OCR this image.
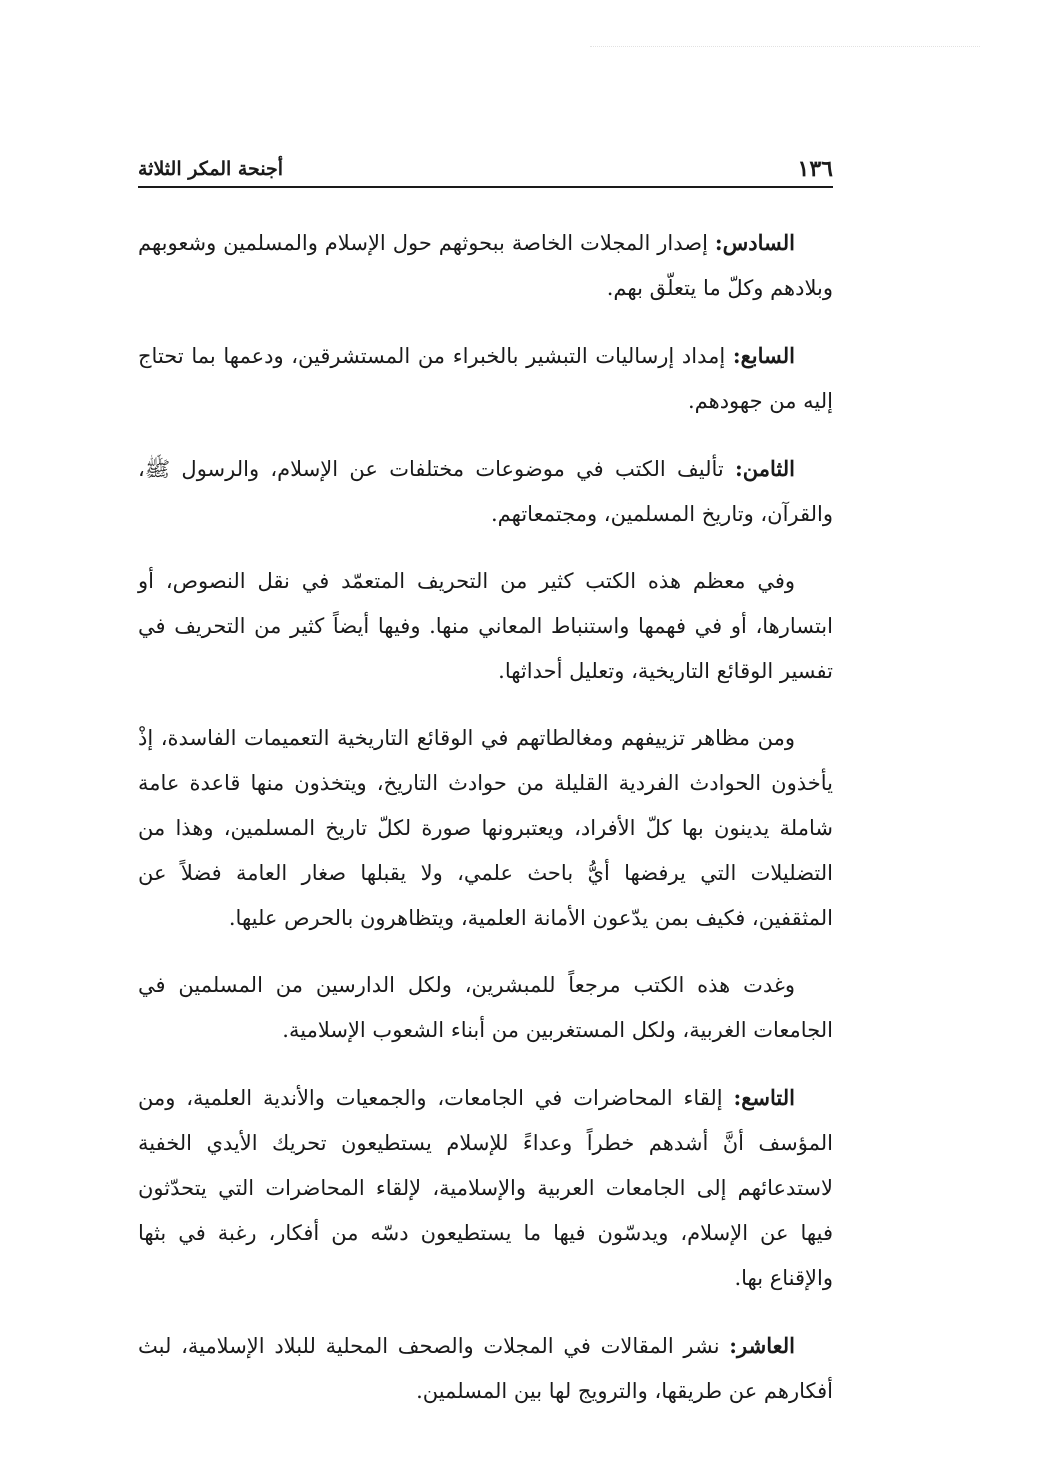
أجنحة المكر الثلاثة	١٣٦

السادس: إصدار المجلات الخاصة ببحوثهم حول الإسلام والمسلمين وشعوبهم وبلادهم وكلّ ما يتعلّق بهم.

السابع: إمداد إرساليات التبشير بالخبراء من المستشرقين، ودعمها بما تحتاج إليه من جهودهم.

الثامن: تأليف الكتب في موضوعات مختلفات عن الإسلام، والرسول ﷺ، والقرآن، وتاريخ المسلمين، ومجتمعاتهم.

وفي معظم هذه الكتب كثير من التحريف المتعمّد في نقل النصوص، أو ابتسارها، أو في فهمها واستنباط المعاني منها. وفيها أيضاً كثير من التحريف في تفسير الوقائع التاريخية، وتعليل أحداثها.

ومن مظاهر تزييفهم ومغالطاتهم في الوقائع التاريخية التعميمات الفاسدة، إذْ يأخذون الحوادث الفردية القليلة من حوادث التاريخ، ويتخذون منها قاعدة عامة شاملة يدينون بها كلّ الأفراد، ويعتبرونها صورة لكلّ تاريخ المسلمين، وهذا من التضليلات التي يرفضها أيُّ باحث علمي، ولا يقبلها صغار العامة فضلاً عن المثقفين، فكيف بمن يدّعون الأمانة العلمية، ويتظاهرون بالحرص عليها.

وغدت هذه الكتب مرجعاً للمبشرين، ولكل الدارسين من المسلمين في الجامعات الغربية، ولكل المستغربين من أبناء الشعوب الإسلامية.

التاسع: إلقاء المحاضرات في الجامعات، والجمعيات والأندية العلمية، ومن المؤسف أنَّ أشدهم خطراً وعداءً للإسلام يستطيعون تحريك الأيدي الخفية لاستدعائهم إلى الجامعات العربية والإسلامية، لإلقاء المحاضرات التي يتحدّثون فيها عن الإسلام، ويدسّون فيها ما يستطيعون دسّه من أفكار، رغبة في بثها والإقناع بها.

العاشر: نشر المقالات في المجلات والصحف المحلية للبلاد الإسلامية، لبث أفكارهم عن طريقها، والترويج لها بين المسلمين.
